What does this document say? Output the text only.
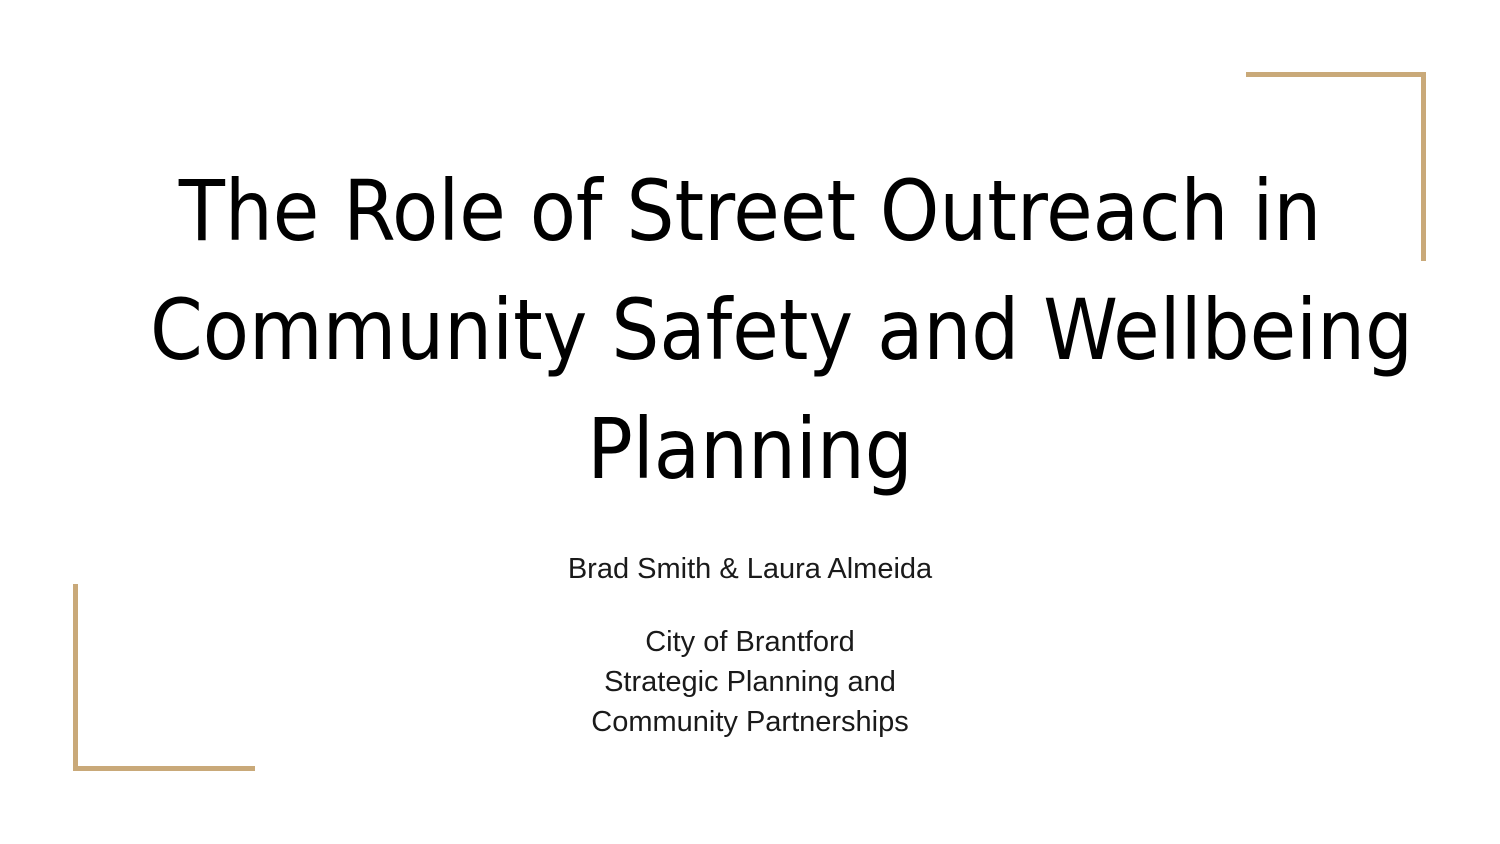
The Role of Street Outreach in
Community Safety and Wellbeing
Planning
Brad Smith & Laura Almeida
City of Brantford
Strategic Planning and
Community Partnerships
